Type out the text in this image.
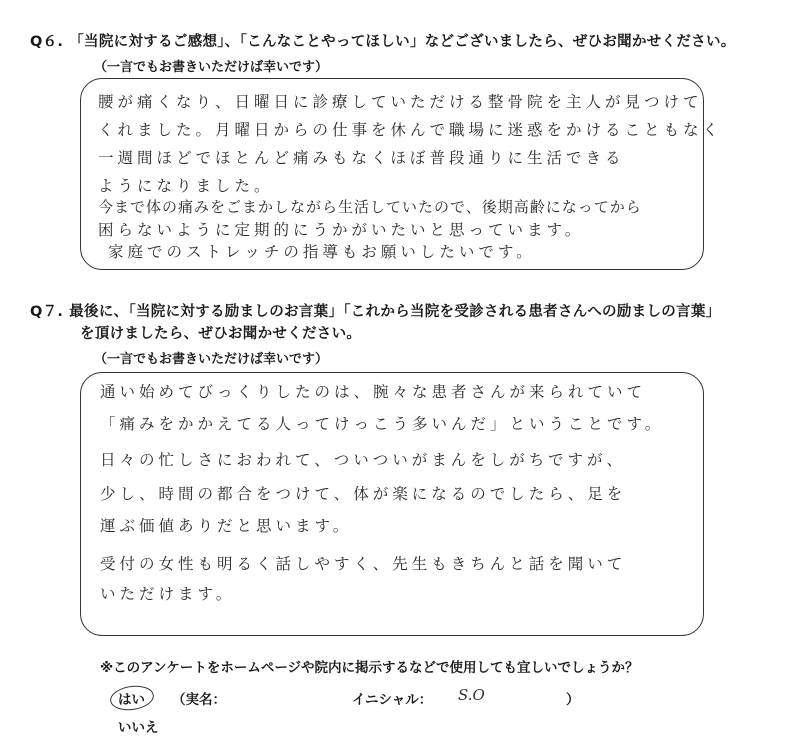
Q６. 「当院に対するご感想」、「こんなことやってほしい」などございましたら、ぜひお聞かせください。
（一言でもお書きいただけば幸いです）
腰が痛くなり、日曜日に診療していただける整骨院を主人が見つけて
くれました。月曜日からの仕事を休んで職場に迷惑をかけることもなく
一週間ほどでほとんど痛みもなくほぼ普段通りに生活できる
ようになりました。
今まで体の痛みをごまかしながら生活していたので、後期高齢になってから
困らないように定期的にうかがいたいと思っています。
家庭でのストレッチの指導もお願いしたいです。
Q７. 最後に、「当院に対する励ましのお言葉」「これから当院を受診される患者さんへの励ましの言葉」
を頂けましたら、ぜひお聞かせください。
（一言でもお書きいただけば幸いです）
通い始めてびっくりしたのは、腕々な患者さんが来られていて
「痛みをかかえてる人ってけっこう多いんだ」ということです。
日々の忙しさにおわれて、ついついがまんをしがちですが、
少し、時間の都合をつけて、体が楽になるのでしたら、足を
運ぶ価値ありだと思います。
受付の女性も明るく話しやすく、先生もきちんと話を聞いて
いただけます。
※このアンケートをホームページや院内に掲示するなどで使用しても宜しいでしょうか？
はい （実名：	イニシャル： S.O	）
いいえ
